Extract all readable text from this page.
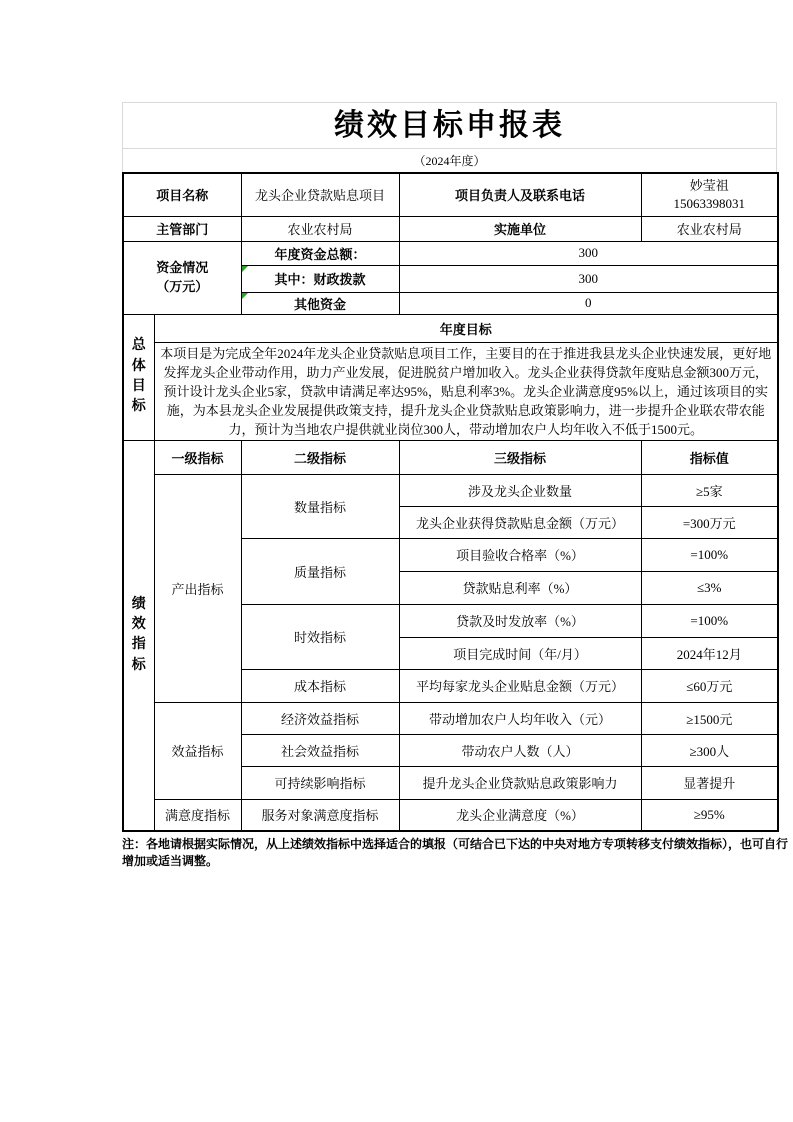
绩效目标申报表
（2024年度）
项目名称		龙头企业贷款贴息项目	项目负责人及联系电话	妙莹祖
15063398031

主管部门		农业农村局	实施单位	农业农村局

资金情况
（万元）		年度资金总额：	300	
		其中：财政拨款	300	
		其他资金	0	

总体目标	年度目标			
	本项目是为完成全年2024年龙头企业贷款贴息项目工作，主要目的在于推进我县龙头企业快速发展，更好地发挥龙头企业带动作用，助力产业发展，促进脱贫户增加收入。龙头企业获得贷款年度贴息金额300万元，预计设计龙头企业5家，贷款申请满足率达95%，贴息利率3%。龙头企业满意度95%以上，通过该项目的实施，为本县龙头企业发展提供政策支持，提升龙头企业贷款贴息政策影响力，进一步提升企业联农带农能力，预计为当地农户提供就业岗位300人，带动增加农户人均年收入不低于1500元。			

绩效指标	一级指标	二级指标	三级指标	指标值
	产出指标	数量指标	涉及龙头企业数量	≥5家
			龙头企业获得贷款贴息金额（万元）	=300万元
		质量指标	项目验收合格率（%）	=100%
			贷款贴息利率（%）	≤3%
		时效指标	贷款及时发放率（%）	=100%
			项目完成时间（年/月）	2024年12月
		成本指标	平均每家龙头企业贴息金额（万元）	≤60万元
	效益指标	经济效益指标	带动增加农户人均年收入（元）	≥1500元
		社会效益指标	带动农户人数（人）	≥300人
		可持续影响指标	提升龙头企业贷款贴息政策影响力	显著提升
	满意度指标	服务对象满意度指标	龙头企业满意度（%）	≥95%
注：各地请根据实际情况，从上述绩效指标中选择适合的填报（可结合已下达的中央对地方专项转移支付绩效指标），也可自行增加或适当调整。
